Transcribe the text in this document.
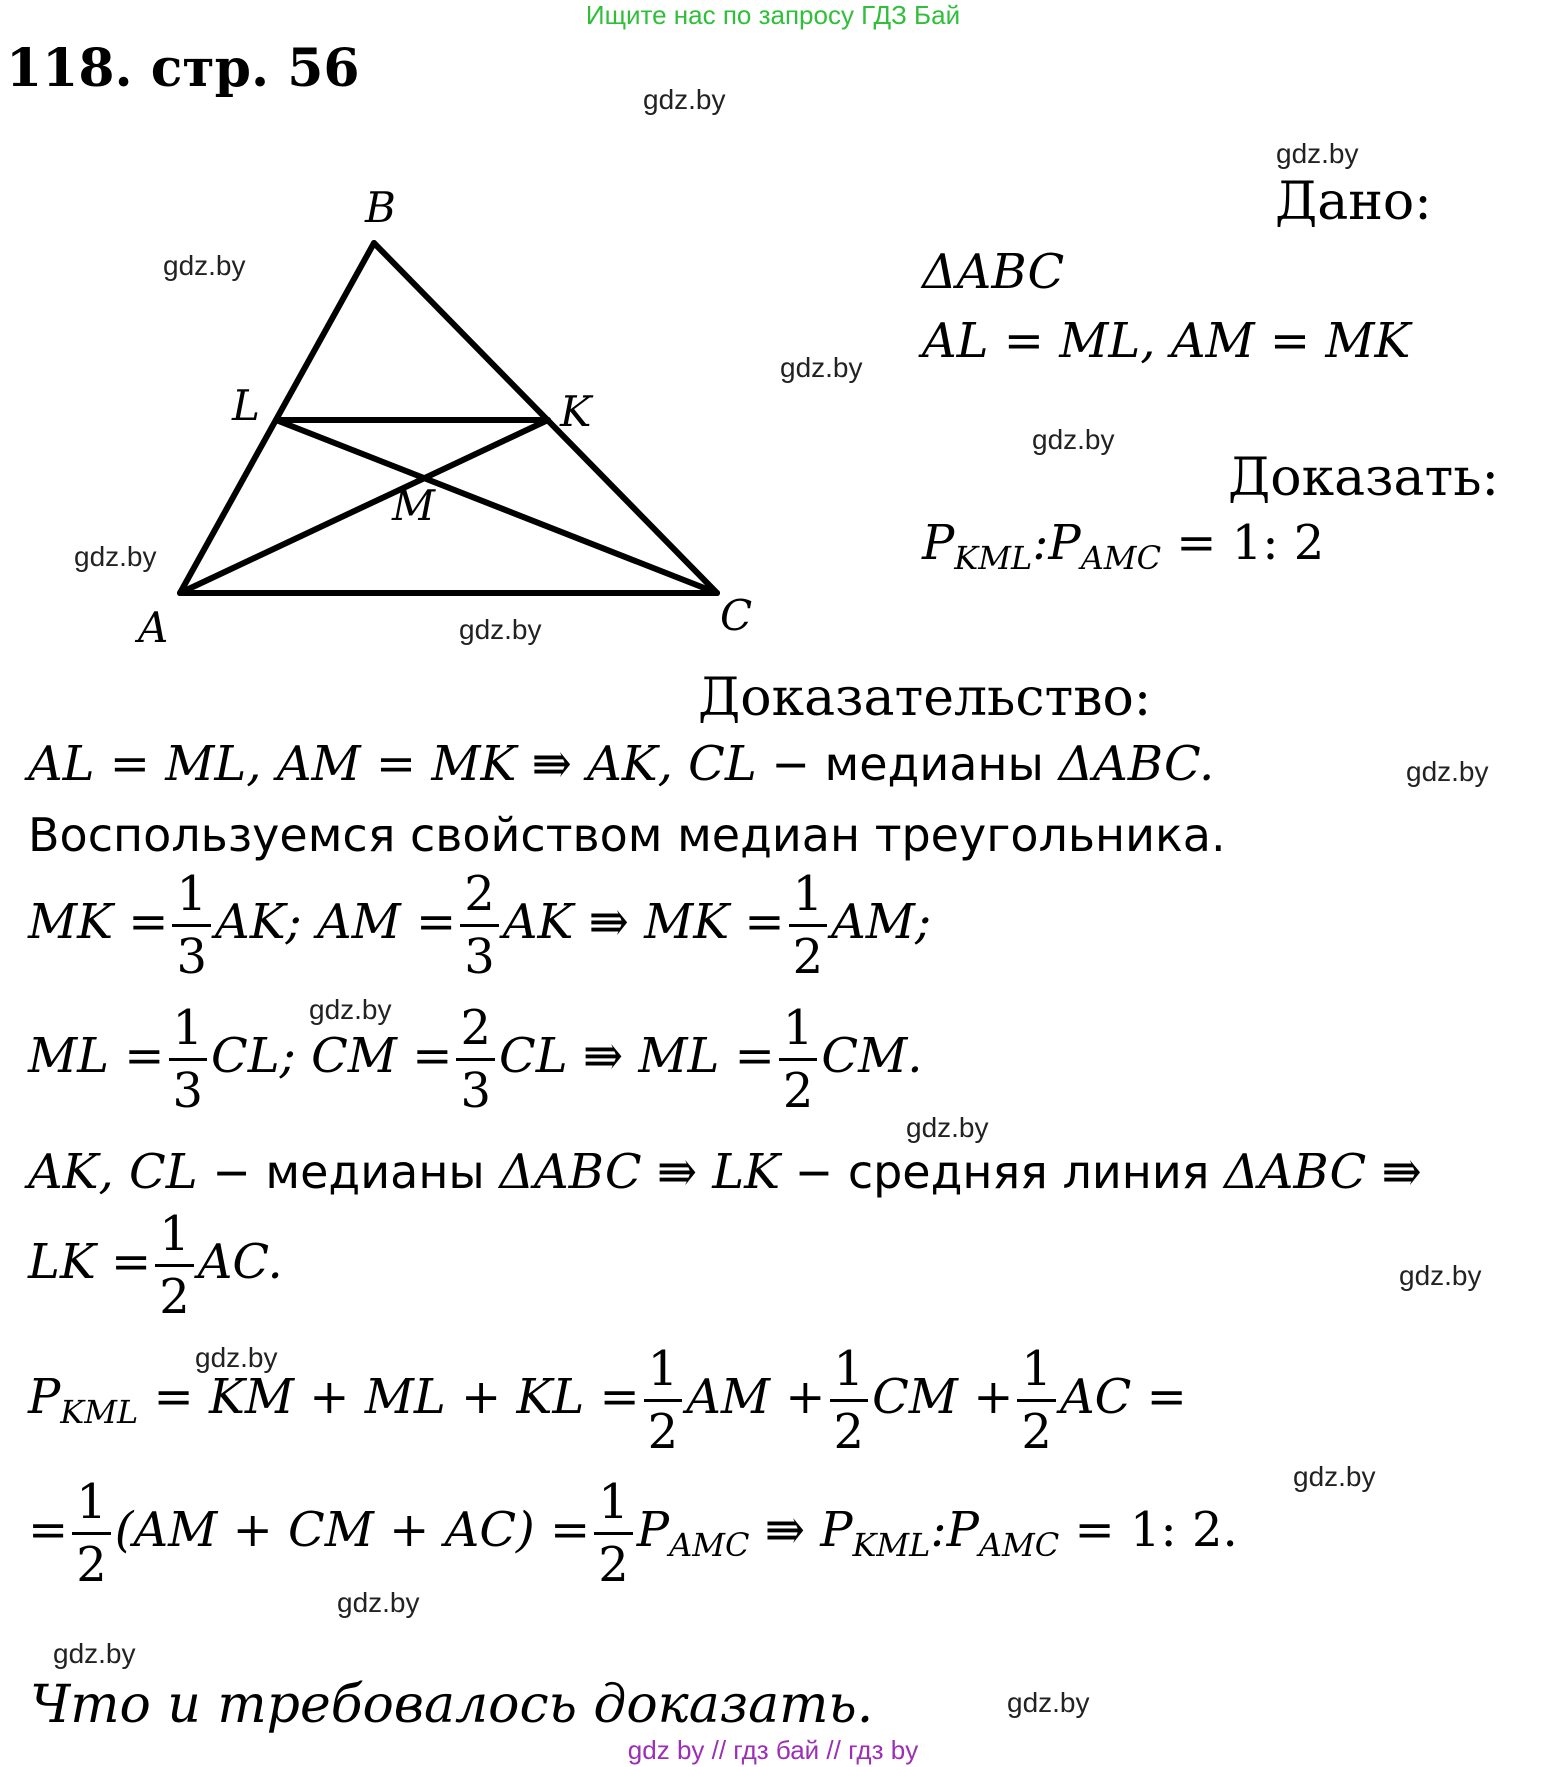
Ищите нас по запросу ГДЗ Бай
118. стр. 56
gdz.by
gdz.by
gdz.by
gdz.by
gdz.by
gdz.by
gdz.by
gdz.by
gdz.by
gdz.by
gdz.by
gdz.by
gdz.by
gdz.by
gdz.by
gdz.by
B
L	K
M
A	C
Дано:
ΔABC
AL = ML, AM = MK
Доказать:
$P_{KML}:P_{AMC} = 1$: 2
Доказательство:
AL = ML, AM = MK ⇛ AK, CL − медианы ΔABC.
Воспользуемся свойством медиан треугольника.
MK = $\frac{1}{3}$ AK; AM = $\frac{2}{3}$ AK ⇛ MK = $\frac{1}{2}$ AM;
ML = $\frac{1}{3}$ CL; CM = $\frac{2}{3}$ CL ⇛ ML = $\frac{1}{2}$ CM.
AK, CL − медианы ΔABC ⇛ LK − средняя линия ΔABC ⇛
LK = $\frac{1}{2}$ AC.
$P_{KML}$ = KM + ML + KL = $\frac{1}{2}$ AM + $\frac{1}{2}$ CM + $\frac{1}{2}$ AC =
= $\frac{1}{2} (AM$ + CM + $AC) = \frac{1}{2} P_{AMC}$ ⇛ $P_{KML}:P_{AMC} = 1$: 2.
Что и требовалось доказать.
gdz by // гдз бай // гдз by
